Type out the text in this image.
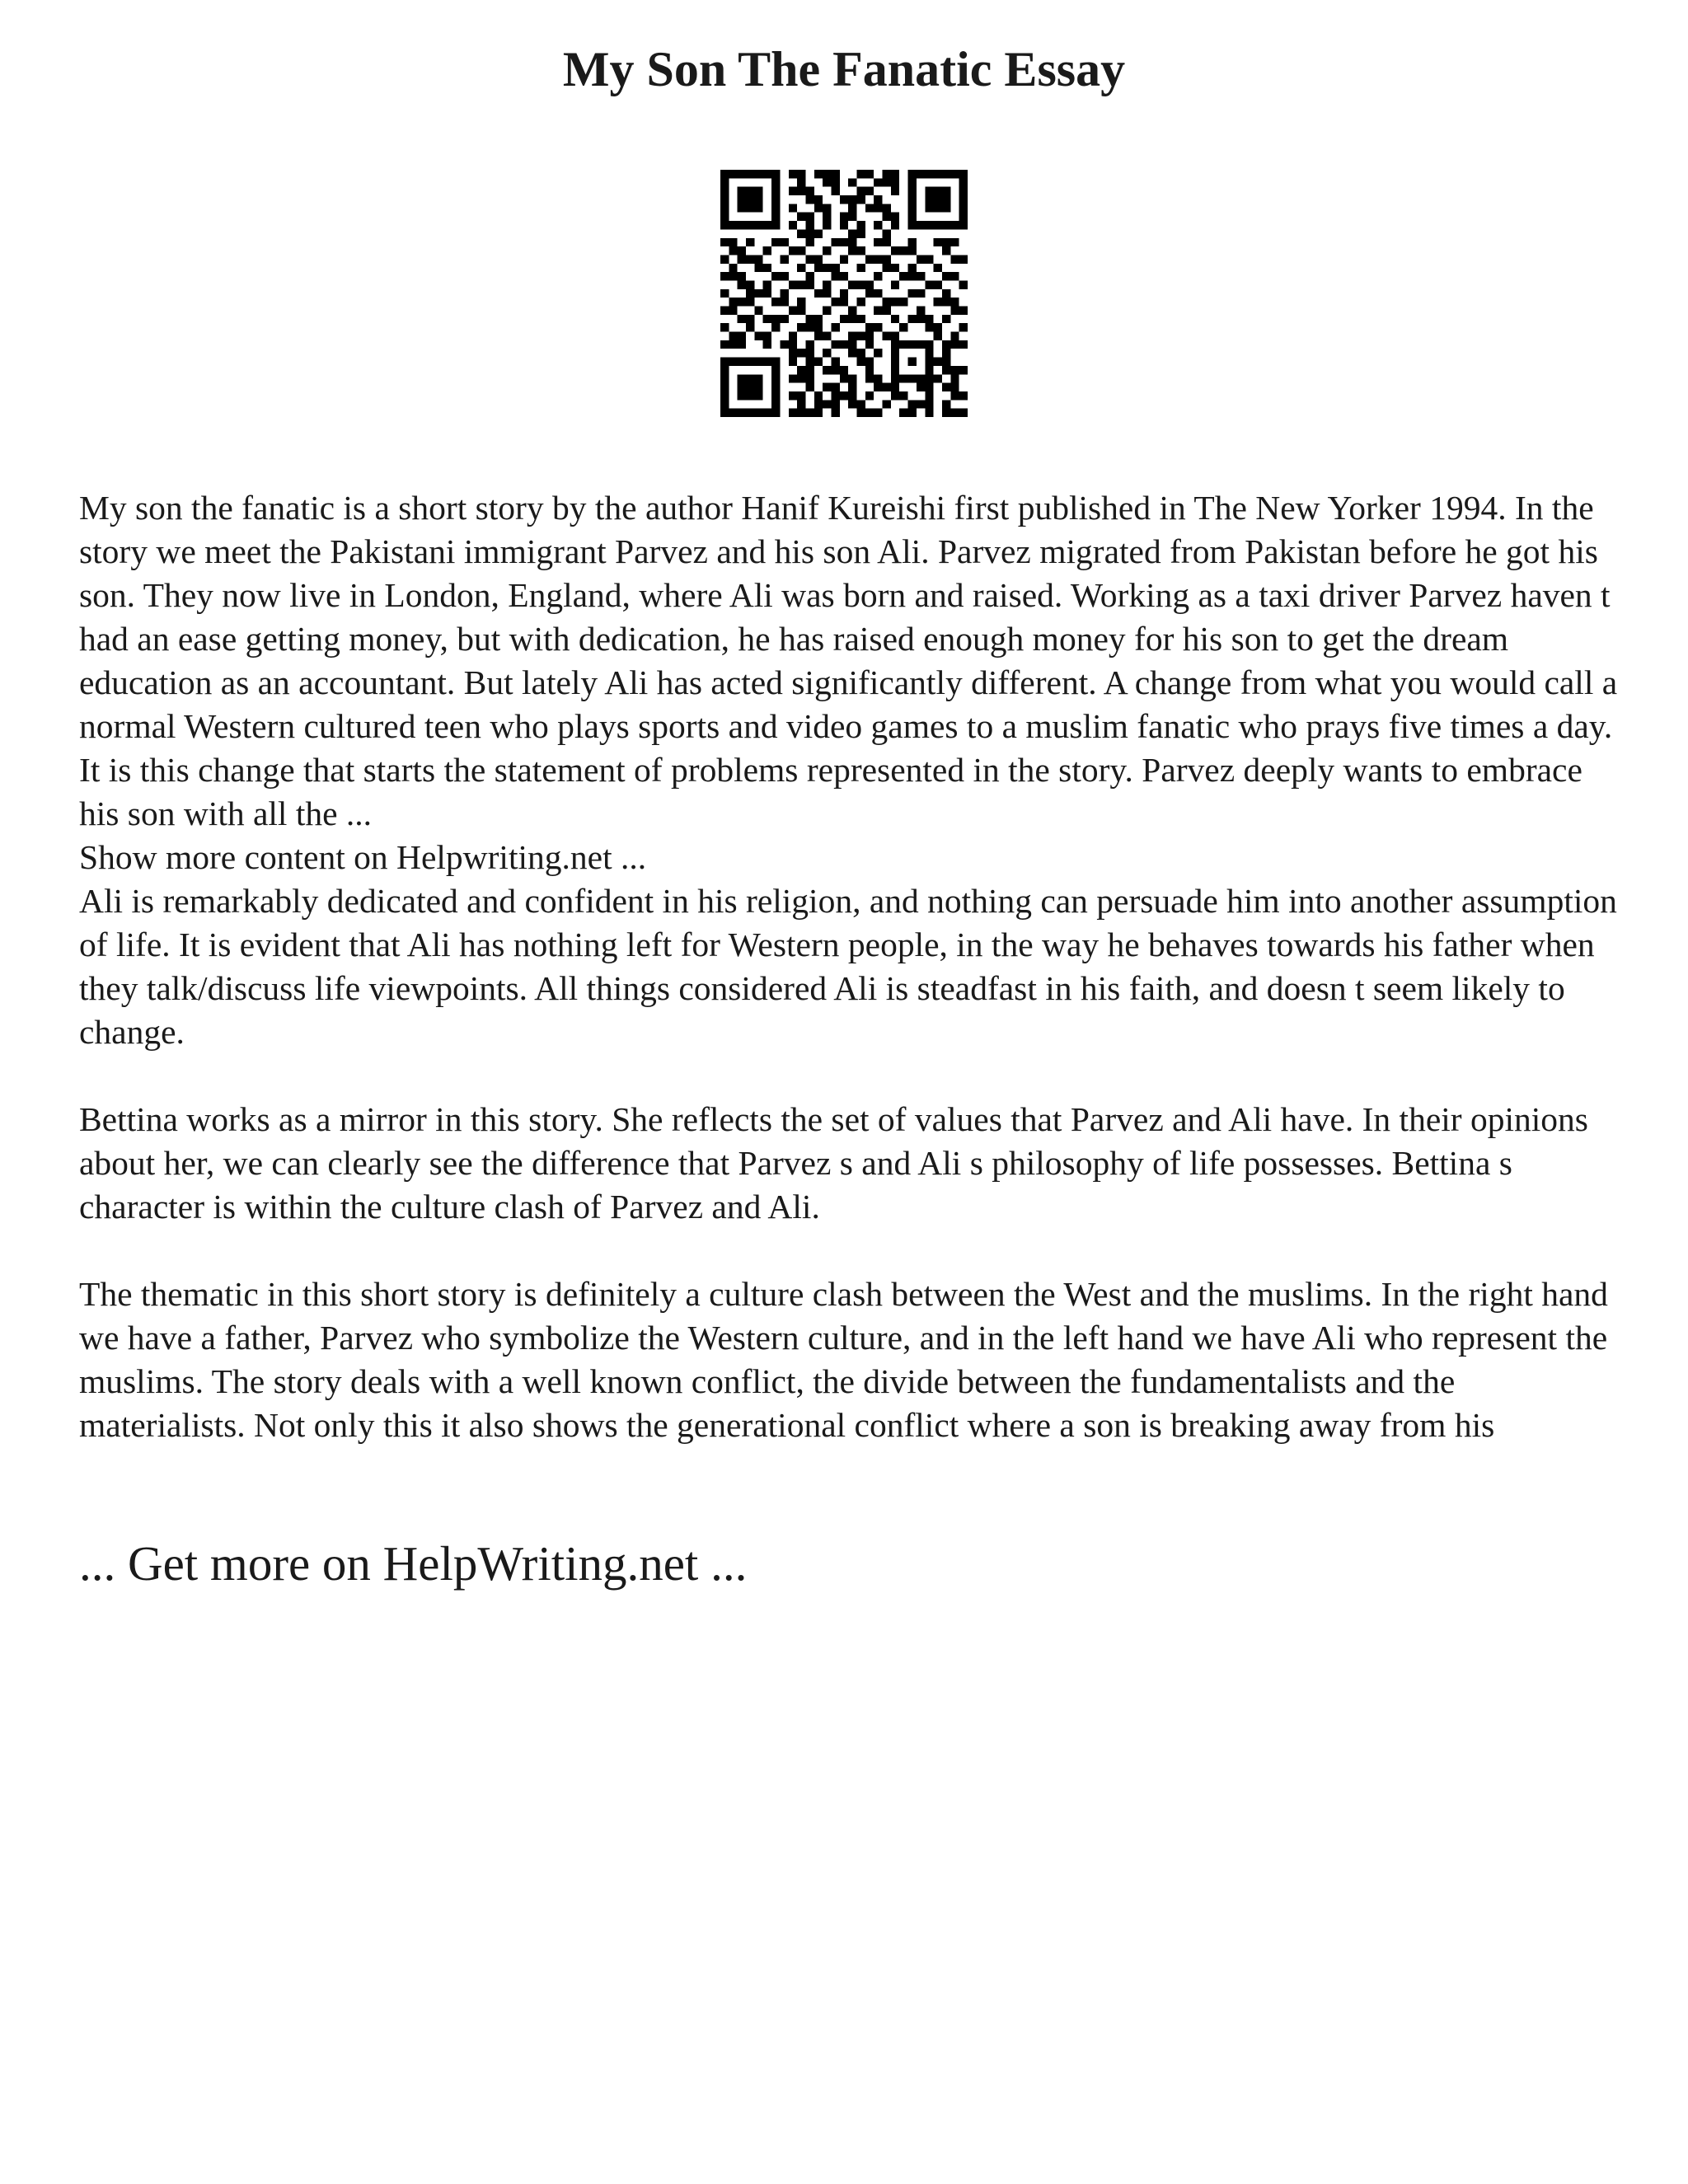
My Son The Fanatic Essay

My son the fanatic is a short story by the author Hanif Kureishi first published in The New Yorker 1994. In the story we meet the Pakistani immigrant Parvez and his son Ali. Parvez migrated from Pakistan before he got his son. They now live in London, England, where Ali was born and raised. Working as a taxi driver Parvez haven t had an ease getting money, but with dedication, he has raised enough money for his son to get the dream education as an accountant. But lately Ali has acted significantly different. A change from what you would call a normal Western cultured teen who plays sports and video games to a muslim fanatic who prays five times a day. It is this change that starts the statement of problems represented in the story. Parvez deeply wants to embrace his son with all the ...

Show more content on Helpwriting.net ...

Ali is remarkably dedicated and confident in his religion, and nothing can persuade him into another assumption of life. It is evident that Ali has nothing left for Western people, in the way he behaves towards his father when they talk/discuss life viewpoints. All things considered Ali is steadfast in his faith, and doesn t seem likely to change.

Bettina works as a mirror in this story. She reflects the set of values that Parvez and Ali have. In their opinions about her, we can clearly see the difference that Parvez s and Ali s philosophy of life possesses. Bettina s character is within the culture clash of Parvez and Ali.

The thematic in this short story is definitely a culture clash between the West and the muslims. In the right hand we have a father, Parvez who symbolize the Western culture, and in the left hand we have Ali who represent the muslims. The story deals with a well known conflict, the divide between the fundamentalists and the materialists. Not only this it also shows the generational conflict where a son is breaking away from his

... Get more on HelpWriting.net ...
